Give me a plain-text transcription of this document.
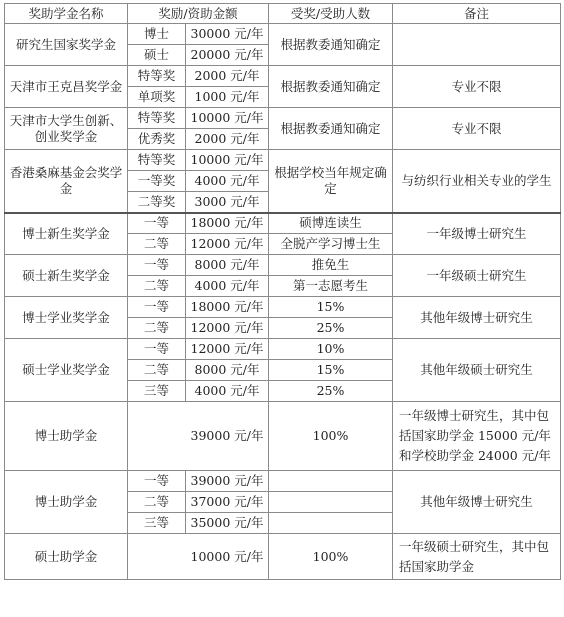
奖助学金名称	奖励/资助金额		受奖/受助人数	备注
研究生国家奖学金	博士	30000 元/年	根据教委通知确定	
	硕士	20000 元/年		
天津市王克昌奖学金	特等奖	2000 元/年	根据教委通知确定	专业不限
	单项奖	1000 元/年		
天津市大学生创新、创业奖学金	特等奖	10000 元/年	根据教委通知确定	专业不限
	优秀奖	2000 元/年		
香港桑麻基金会奖学金	特等奖	10000 元/年	根据学校当年规定确定	与纺织行业相关专业的学生
	一等奖	4000 元/年		
	二等奖	3000 元/年		
博士新生奖学金	一等	18000 元/年	硕博连读生	一年级博士研究生
	二等	12000 元/年	全脱产学习博士生	
硕士新生奖学金	一等	8000 元/年	推免生	一年级硕士研究生
	二等	4000 元/年	第一志愿考生	
博士学业奖学金	一等	18000 元/年	15%	其他年级博士研究生
	二等	12000 元/年	25%	
硕士学业奖学金	一等	12000 元/年	10%	其他年级硕士研究生
	二等	8000 元/年	15%	
	三等	4000 元/年	25%	
博士助学金	39000 元/年		100%	一年级博士研究生，其中包括国家助学金 15000 元/年和学校助学金 24000 元/年
博士助学金	一等	39000 元/年		其他年级博士研究生
	二等	37000 元/年		
	三等	35000 元/年		
硕士助学金	10000 元/年		100%	一年级硕士研究生，其中包括国家助学金
